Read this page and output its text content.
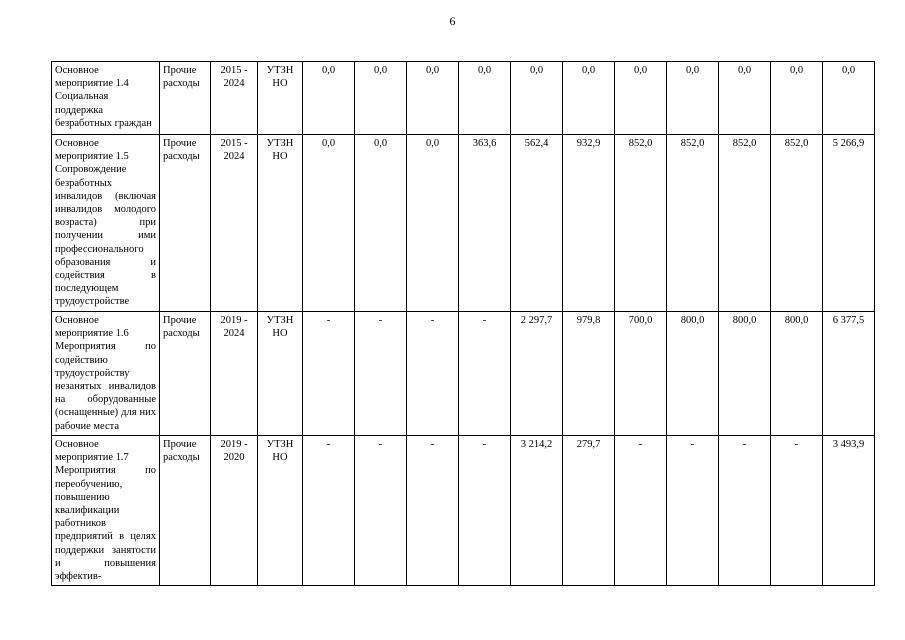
6
Основное мероприятие 1.4
Социальная поддержка безработных граждан	Прочие расходы	2015 - 2024	УТЗН НО	0,0	0,0	0,0	0,0	0,0	0,0	0,0	0,0	0,0	0,0	0,0

Основное мероприятие 1.5
Сопровождение безработных инвалидов (включая инвалидов молодого возраста) при получении ими профессионального образования и содействия в последующем трудоустройстве	Прочие расходы	2015 - 2024	УТЗН НО	0,0	0,0	0,0	363,6	562,4	932,9	852,0	852,0	852,0	852,0	5 266,9

Основное мероприятие 1.6
Мероприятия по содействию трудоустройству незанятых инвалидов на оборудованные (оснащенные) для них рабочие места	Прочие расходы	2019 - 2024	УТЗН НО	-	-	-	-	2 297,7	979,8	700,0	800,0	800,0	800,0	6 377,5

Основное мероприятие 1.7
Мероприятия по переобучению, повышению квалификации работников предприятий в целях поддержки занятости и повышения эффектив-	Прочие расходы	2019 - 2020	УТЗН НО	-	-	-	-	3 214,2	279,7	-	-	-	-	3 493,9
